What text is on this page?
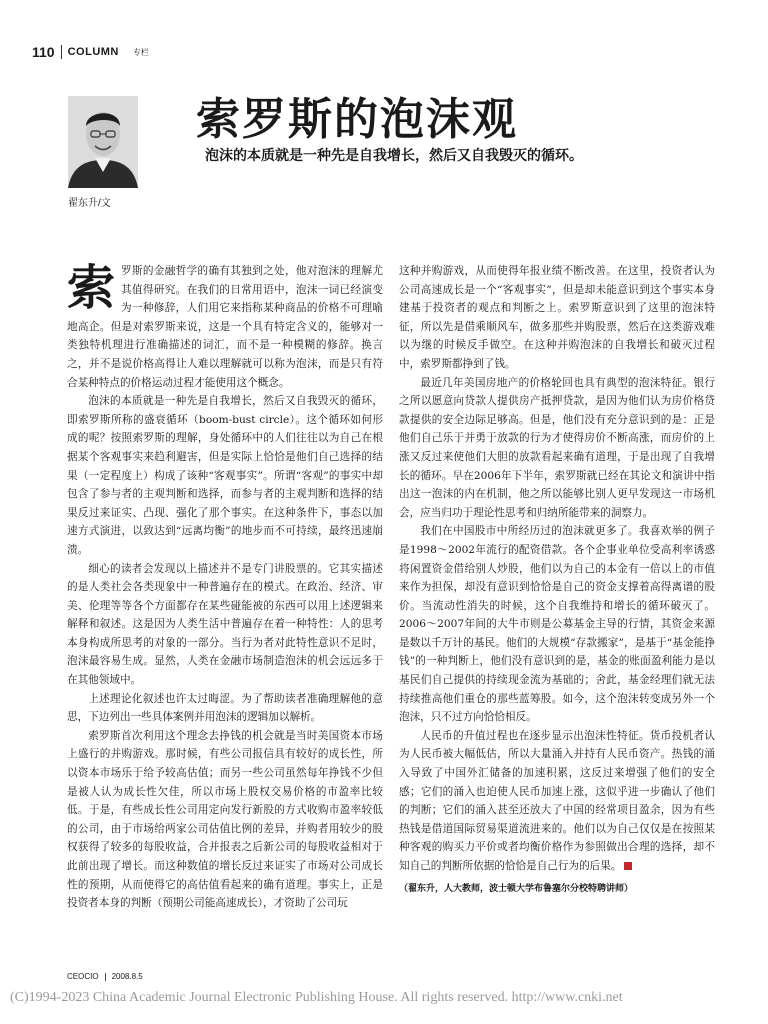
110 COLUMN 专栏
翟东升/文
索罗斯的泡沫观
泡沫的本质就是一种先是自我增长，然后又自我毁灭的循环。

索罗斯的金融哲学的确有其独到之处，他对泡沫的理解尤其值得研究。在我们的日常用语中，泡沫一词已经演变为一种修辞，人们用它来指称某种商品的价格不可理喻地高企。但是对索罗斯来说，这是一个具有特定含义的，能够对一类独特机理进行准确描述的词汇，而不是一种模糊的修辞。换言之，并不是说价格高得让人难以理解就可以称为泡沫，而是只有符合某种特点的价格运动过程才能使用这个概念。

泡沫的本质就是一种先是自我增长，然后又自我毁灭的循环，即索罗斯所称的盛衰循环（boom-bust circle）。这个循环如何形成的呢？按照索罗斯的理解，身处循环中的人们往往以为自己在根据某个客观事实来趋利避害，但是实际上恰恰是他们自己选择的结果（一定程度上）构成了该种“客观事实”。所谓“客观”的事实中却包含了参与者的主观判断和选择，而参与者的主观判断和选择的结果反过来证实、凸现、强化了那个事实。在这种条件下，事态以加速方式演进，以致达到“远离均衡”的地步而不可持续，最终迅速崩溃。

细心的读者会发现以上描述并不是专门讲股票的。它其实描述的是人类社会各类现象中一种普遍存在的模式。在政治、经济、审美、伦理等等各个方面都存在某些碰能被的东西可以用上述逻辑来解释和叙述。这是因为人类生活中普遍存在着一种特性：人的思考本身构成所思考的对象的一部分。当行为者对此特性意识不足时，泡沫最容易生成。显然，人类在金融市场制造泡沫的机会远远多于在其他领域中。

上述理论化叙述也许太过晦涩。为了帮助读者准确理解他的意思，下边列出一些具体案例并用泡沫的逻辑加以解析。

索罗斯首次利用这个理念去挣钱的机会就是当时美国资本市场上盛行的并购游戏。那时候，有些公司报信具有较好的成长性，所以资本市场乐于给予较高估值；而另一些公司虽然每年挣钱不少但是被人认为成长性欠佳，所以市场上股权交易价格的市盈率比较低。于是，有些成长性公司用定向发行新股的方式收购市盈率较低的公司，由于市场给两家公司估值比例的差异，并购者用较少的股权获得了较多的每股收益，合并报表之后新公司的每股收益相对于此前出现了增长。而这种数值的增长反过来证实了市场对公司成长性的预期，从而使得它的高估值看起来的确有道理。事实上，正是投资者本身的判断（预期公司能高速成长），才资助了公司玩

这种并购游戏，从而使得年报业绩不断改善。在这里，投资者认为公司高速成长是一个“客观事实”，但是却未能意识到这个事实本身建基于投资者的观点和判断之上。索罗斯意识到了这里的泡沫特征，所以先是借乘顺风车，做多那些并购股票，然后在这类游戏难以为继的时候反手做空。在这种并购泡沫的自我增长和破灭过程中，索罗斯都挣到了钱。

最近几年美国房地产的价格轮回也具有典型的泡沫特征。银行之所以愿意向贷款人提供房产抵押贷款，是因为他们认为房价格贷款提供的安全边际足够高。但是，他们没有充分意识到的是：正是他们自己乐于并勇于放款的行为才使得房价不断高涨，而房价的上涨又反过来使他们大胆的放款看起来确有道理，于是出现了自我增长的循环。早在2006年下半年，索罗斯就已经在其论文和演讲中指出这一泡沫的内在机制，他之所以能够比别人更早发现这一市场机会，应当归功于理论性思考和归纳所能带来的洞察力。

我们在中国股市中所经历过的泡沫就更多了。我喜欢举的例子是1998～2002年流行的配资借款。各个企事业单位受高利率诱惑将闲置资金借给别人炒股，他们以为自己的本金有一倍以上的市值来作为担保，却没有意识到恰恰是自己的资金支撑着高得离谱的股价。当流动性消失的时候，这个自我维持和增长的循环破灭了。2006～2007年间的大牛市则是公募基金主导的行情，其资金来源是数以千万计的基民。他们的大规模“存款搬家”，是基于“基金能挣钱”的一种判断上，他们没有意识到的是，基金的账面盈利能力是以基民们自己提供的持续现金流为基础的；舍此，基金经理们就无法持续推高他们重仓的那些蓝筹股。如今，这个泡沫转变成另外一个泡沫，只不过方向恰恰相反。

人民币的升值过程也在逐步显示出泡沫性特征。货币投机者认为人民币被大幅低估，所以大量涌入并持有人民币资产。热钱的涌入导致了中国外汇储备的加速积累，这反过来增强了他们的安全感；它们的涌入也迫使人民币加速上涨，这似乎进一步确认了他们的判断；它们的涌入甚至还放大了中国的经常项目盈余，因为有些热钱是借道国际贸易渠道流进来的。他们以为自己仅仅是在按照某种客观的购买力平价或者均衡价格作为参照做出合理的选择，却不知自己的判断所依据的恰恰是自己行为的后果。

（翟东升，人大教师，波士顿大学布鲁塞尔分校特聘讲师）
CEOCIO 2008.8.5
(C)1994-2023 China Academic Journal Electronic Publishing House. All rights reserved. http://www.cnki.net
